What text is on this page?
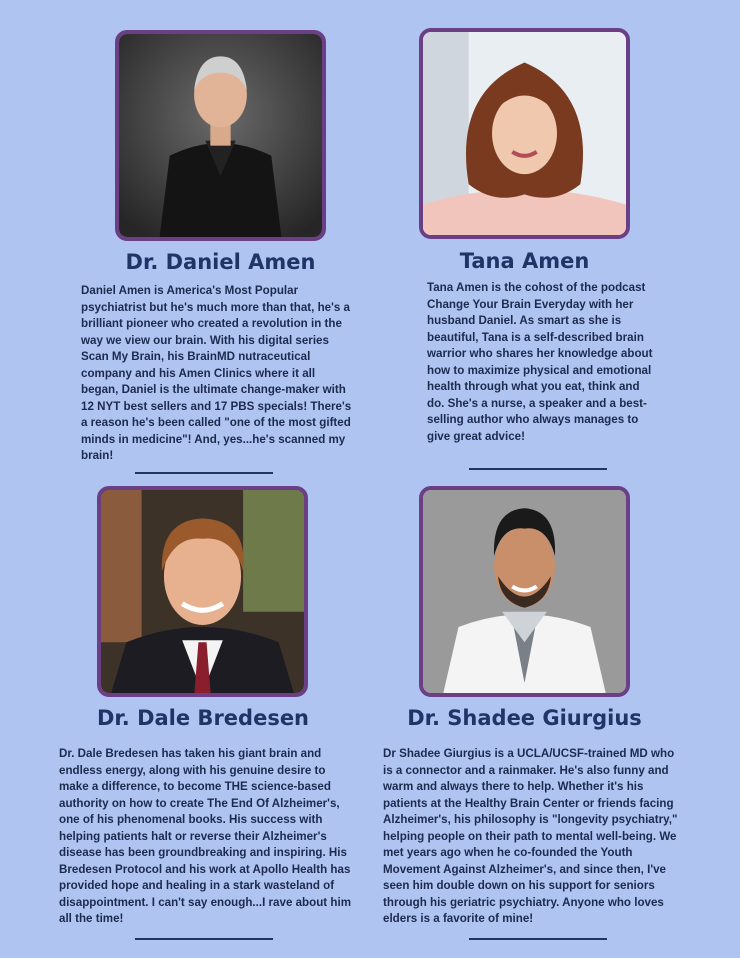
Dr. Daniel Amen
Daniel Amen is America's Most Popular psychiatrist but he's much more than that, he's a brilliant pioneer who created a revolution in the way we view our brain. With his digital series Scan My Brain, his BrainMD nutraceutical company and his Amen Clinics where it all began, Daniel is the ultimate change-maker with 12 NYT best sellers and 17 PBS specials! There's a reason he's been called "one of the most gifted minds in medicine"! And, yes...he's scanned my brain!
Tana Amen
Tana Amen is the cohost of the podcast Change Your Brain Everyday with her husband Daniel. As smart as she is beautiful, Tana is a self-described brain warrior who shares her knowledge about how to maximize physical and emotional health through what you eat, think and do. She's a nurse, a speaker and a best-selling author who always manages to give great advice!
Dr. Dale Bredesen
Dr. Dale Bredesen has taken his giant brain and endless energy, along with his genuine desire to make a difference, to become THE science-based authority on how to create The End Of Alzheimer's, one of his phenomenal books. His success with helping patients halt or reverse their Alzheimer's disease has been groundbreaking and inspiring. His Bredesen Protocol and his work at Apollo Health has provided hope and healing in a stark wasteland of disappointment. I can't say enough...I rave about him all the time!
Dr. Shadee Giurgius
Dr Shadee Giurgius is a UCLA/UCSF-trained MD who is a connector and a rainmaker. He's also funny and warm and always there to help. Whether it's his patients at the Healthy Brain Center or friends facing Alzheimer's, his philosophy is "longevity psychiatry," helping people on their path to mental well-being. We met years ago when he co-founded the Youth Movement Against Alzheimer's, and since then, I've seen him double down on his support for seniors through his geriatric psychiatry. Anyone who loves elders is a favorite of mine!
